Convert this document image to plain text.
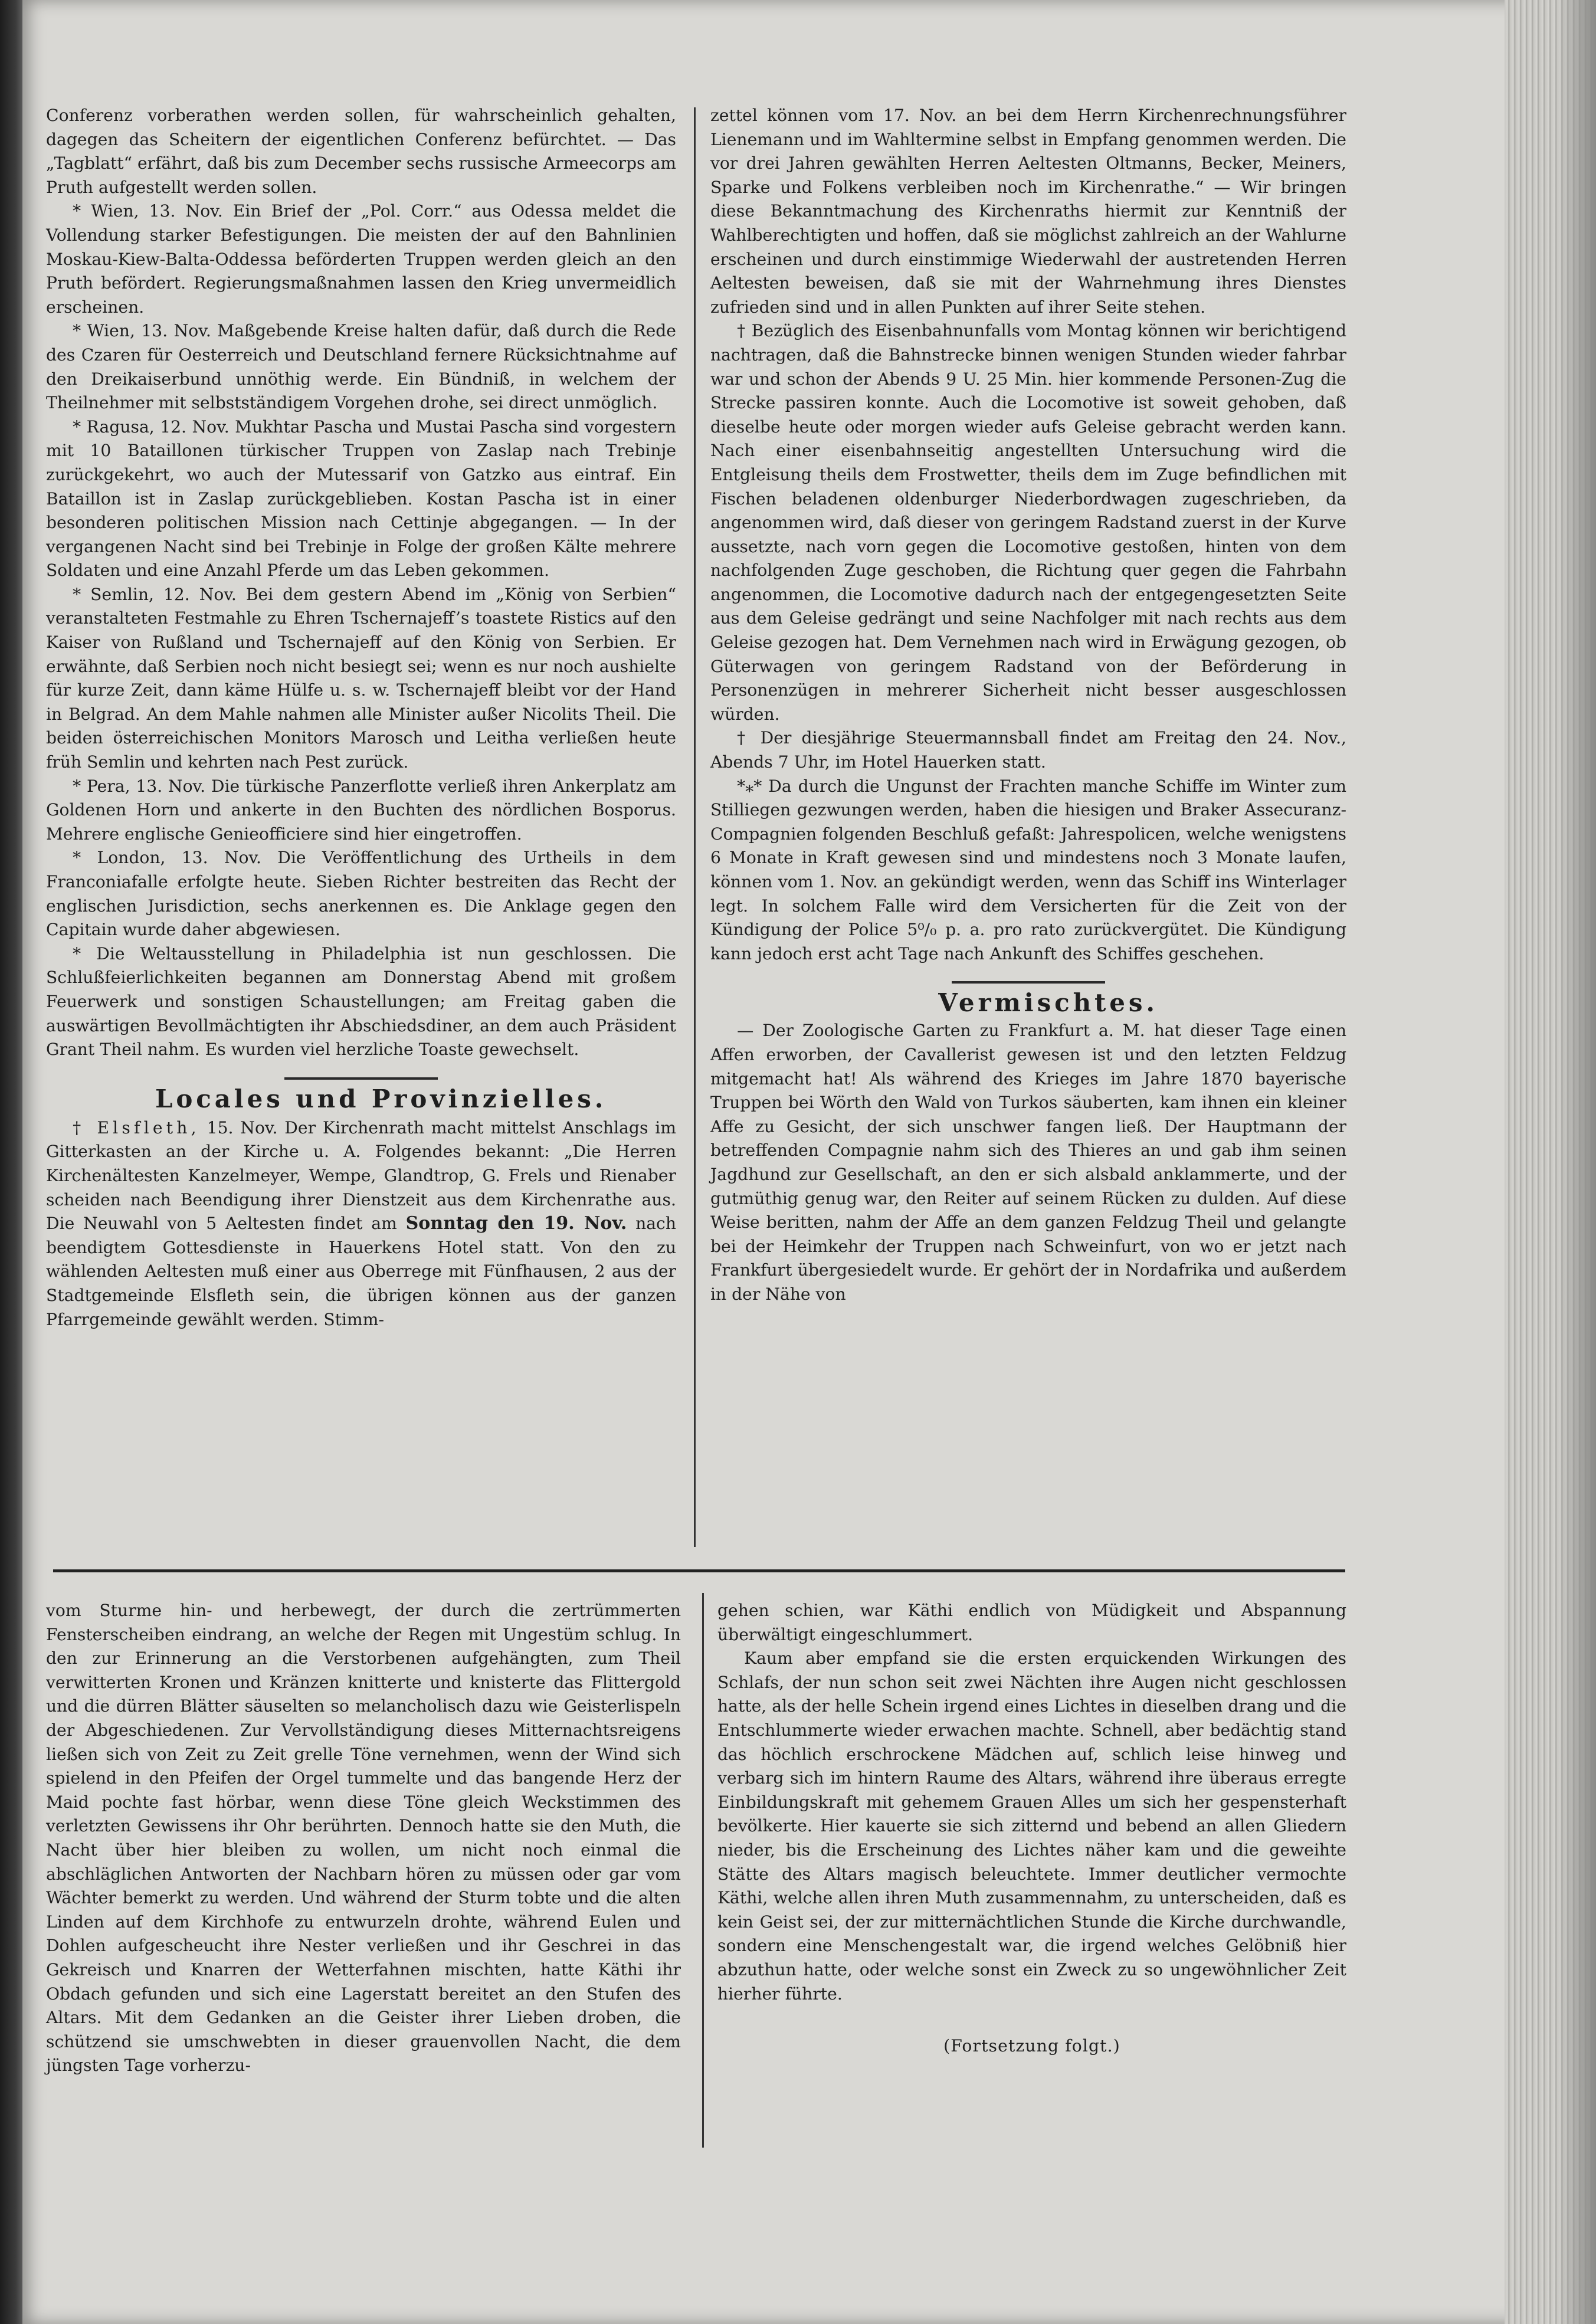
Conferenz vorberathen werden sollen, für wahrscheinlich gehalten, dagegen das Scheitern der eigentlichen Conferenz befürchtet. — Das „Tagblatt“ erfährt, daß bis zum December sechs russische Armeecorps am Pruth aufgestellt werden sollen.

* Wien, 13. Nov. Ein Brief der „Pol. Corr.“ aus Odessa meldet die Vollendung starker Befestigungen. Die meisten der auf den Bahnlinien Moskau-Kiew-Balta-Oddessa beförderten Truppen werden gleich an den Pruth befördert. Regierungsmaßnahmen lassen den Krieg unvermeidlich erscheinen.

* Wien, 13. Nov. Maßgebende Kreise halten dafür, daß durch die Rede des Czaren für Oesterreich und Deutschland fernere Rücksichtnahme auf den Dreikaiserbund unnöthig werde. Ein Bündniß, in welchem der Theilnehmer mit selbstständigem Vorgehen drohe, sei direct unmöglich.

* Ragusa, 12. Nov. Mukhtar Pascha und Mustai Pascha sind vorgestern mit 10 Bataillonen türkischer Truppen von Zaslap nach Trebinje zurückgekehrt, wo auch der Mutessarif von Gatzko aus eintraf. Ein Bataillon ist in Zaslap zurückgeblieben. Kostan Pascha ist in einer besonderen politischen Mission nach Cettinje abgegangen. — In der vergangenen Nacht sind bei Trebinje in Folge der großen Kälte mehrere Soldaten und eine Anzahl Pferde um das Leben gekommen.

* Semlin, 12. Nov. Bei dem gestern Abend im „König von Serbien“ veranstalteten Festmahle zu Ehren Tschernajeff’s toastete Ristics auf den Kaiser von Rußland und Tschernajeff auf den König von Serbien. Er erwähnte, daß Serbien noch nicht besiegt sei; wenn es nur noch aushielte für kurze Zeit, dann käme Hülfe u. s. w. Tschernajeff bleibt vor der Hand in Belgrad. An dem Mahle nahmen alle Minister außer Nicolits Theil. Die beiden österreichischen Monitors Marosch und Leitha verließen heute früh Semlin und kehrten nach Pest zurück.

* Pera, 13. Nov. Die türkische Panzerflotte verließ ihren Ankerplatz am Goldenen Horn und ankerte in den Buchten des nördlichen Bosporus. Mehrere englische Genieofficiere sind hier eingetroffen.

* London, 13. Nov. Die Veröffentlichung des Urtheils in dem Franconiafalle erfolgte heute. Sieben Richter bestreiten das Recht der englischen Jurisdiction, sechs anerkennen es. Die Anklage gegen den Capitain wurde daher abgewiesen.

* Die Weltausstellung in Philadelphia ist nun geschlossen. Die Schlußfeierlichkeiten begannen am Donnerstag Abend mit großem Feuerwerk und sonstigen Schaustellungen; am Freitag gaben die auswärtigen Bevollmächtigten ihr Abschiedsdiner, an dem auch Präsident Grant Theil nahm. Es wurden viel herzliche Toaste gewechselt.

Locales und Provinzielles.

† Elsfleth, 15. Nov. Der Kirchenrath macht mittelst Anschlags im Gitterkasten an der Kirche u. A. Folgendes bekannt: „Die Herren Kirchenältesten Kanzelmeyer, Wempe, Glandtrop, G. Frels und Rienaber scheiden nach Beendigung ihrer Dienstzeit aus dem Kirchenrathe aus. Die Neuwahl von 5 Aeltesten findet am Sonntag den 19. Nov. nach beendigtem Gottesdienste in Hauerkens Hotel statt. Von den zu wählenden Aeltesten muß einer aus Oberrege mit Fünfhausen, 2 aus der Stadtgemeinde Elsfleth sein, die übrigen können aus der ganzen Pfarrgemeinde gewählt werden. Stimm-

zettel können vom 17. Nov. an bei dem Herrn Kirchenrechnungsführer Lienemann und im Wahltermine selbst in Empfang genommen werden. Die vor drei Jahren gewählten Herren Aeltesten Oltmanns, Becker, Meiners, Sparke und Folkens verbleiben noch im Kirchenrathe.“ — Wir bringen diese Bekanntmachung des Kirchenraths hiermit zur Kenntniß der Wahlberechtigten und hoffen, daß sie möglichst zahlreich an der Wahlurne erscheinen und durch einstimmige Wiederwahl der austretenden Herren Aeltesten beweisen, daß sie mit der Wahrnehmung ihres Dienstes zufrieden sind und in allen Punkten auf ihrer Seite stehen.

† Bezüglich des Eisenbahnunfalls vom Montag können wir berichtigend nachtragen, daß die Bahnstrecke binnen wenigen Stunden wieder fahrbar war und schon der Abends 9 U. 25 Min. hier kommende Personen-Zug die Strecke passiren konnte. Auch die Locomotive ist soweit gehoben, daß dieselbe heute oder morgen wieder aufs Geleise gebracht werden kann. Nach einer eisenbahnseitig angestellten Untersuchung wird die Entgleisung theils dem Frostwetter, theils dem im Zuge befindlichen mit Fischen beladenen oldenburger Niederbordwagen zugeschrieben, da angenommen wird, daß dieser von geringem Radstand zuerst in der Kurve aussetzte, nach vorn gegen die Locomotive gestoßen, hinten von dem nachfolgenden Zuge geschoben, die Richtung quer gegen die Fahrbahn angenommen, die Locomotive dadurch nach der entgegengesetzten Seite aus dem Geleise gedrängt und seine Nachfolger mit nach rechts aus dem Geleise gezogen hat. Dem Vernehmen nach wird in Erwägung gezogen, ob Güterwagen von geringem Radstand von der Beförderung in Personenzügen in mehrerer Sicherheit nicht besser ausgeschlossen würden.

† Der diesjährige Steuermannsball findet am Freitag den 24. Nov., Abends 7 Uhr, im Hotel Hauerken statt.

*⁎* Da durch die Ungunst der Frachten manche Schiffe im Winter zum Stilliegen gezwungen werden, haben die hiesigen und Braker Assecuranz-Compagnien folgenden Beschluß gefaßt: Jahrespolicen, welche wenigstens 6 Monate in Kraft gewesen sind und mindestens noch 3 Monate laufen, können vom 1. Nov. an gekündigt werden, wenn das Schiff ins Winterlager legt. In solchem Falle wird dem Versicherten für die Zeit von der Kündigung der Police 5⁰/₀ p. a. pro rato zurückvergütet. Die Kündigung kann jedoch erst acht Tage nach Ankunft des Schiffes geschehen.

Vermischtes.

— Der Zoologische Garten zu Frankfurt a. M. hat dieser Tage einen Affen erworben, der Cavallerist gewesen ist und den letzten Feldzug mitgemacht hat! Als während des Krieges im Jahre 1870 bayerische Truppen bei Wörth den Wald von Turkos säuberten, kam ihnen ein kleiner Affe zu Gesicht, der sich unschwer fangen ließ. Der Hauptmann der betreffenden Compagnie nahm sich des Thieres an und gab ihm seinen Jagdhund zur Gesellschaft, an den er sich alsbald anklammerte, und der gutmüthig genug war, den Reiter auf seinem Rücken zu dulden. Auf diese Weise beritten, nahm der Affe an dem ganzen Feldzug Theil und gelangte bei der Heimkehr der Truppen nach Schweinfurt, von wo er jetzt nach Frankfurt übergesiedelt wurde. Er gehört der in Nordafrika und außerdem in der Nähe von

vom Sturme hin- und herbewegt, der durch die zertrümmerten Fensterscheiben eindrang, an welche der Regen mit Ungestüm schlug. In den zur Erinnerung an die Verstorbenen aufgehängten, zum Theil verwitterten Kronen und Kränzen knitterte und knisterte das Flittergold und die dürren Blätter säuselten so melancholisch dazu wie Geisterlispeln der Abgeschiedenen. Zur Vervollständigung dieses Mitternachtsreigens ließen sich von Zeit zu Zeit grelle Töne vernehmen, wenn der Wind sich spielend in den Pfeifen der Orgel tummelte und das bangende Herz der Maid pochte fast hörbar, wenn diese Töne gleich Weckstimmen des verletzten Gewissens ihr Ohr berührten. Dennoch hatte sie den Muth, die Nacht über hier bleiben zu wollen, um nicht noch einmal die abschläglichen Antworten der Nachbarn hören zu müssen oder gar vom Wächter bemerkt zu werden. Und während der Sturm tobte und die alten Linden auf dem Kirchhofe zu entwurzeln drohte, während Eulen und Dohlen aufgescheucht ihre Nester verließen und ihr Geschrei in das Gekreisch und Knarren der Wetterfahnen mischten, hatte Käthi ihr Obdach gefunden und sich eine Lagerstatt bereitet an den Stufen des Altars. Mit dem Gedanken an die Geister ihrer Lieben droben, die schützend sie umschwebten in dieser grauenvollen Nacht, die dem jüngsten Tage vorherzu-

gehen schien, war Käthi endlich von Müdigkeit und Abspannung überwältigt eingeschlummert.

Kaum aber empfand sie die ersten erquickenden Wirkungen des Schlafs, der nun schon seit zwei Nächten ihre Augen nicht geschlossen hatte, als der helle Schein irgend eines Lichtes in dieselben drang und die Entschlummerte wieder erwachen machte. Schnell, aber bedächtig stand das höchlich erschrockene Mädchen auf, schlich leise hinweg und verbarg sich im hintern Raume des Altars, während ihre überaus erregte Einbildungskraft mit gehemem Grauen Alles um sich her gespensterhaft bevölkerte. Hier kauerte sie sich zitternd und bebend an allen Gliedern nieder, bis die Erscheinung des Lichtes näher kam und die geweihte Stätte des Altars magisch beleuchtete. Immer deutlicher vermochte Käthi, welche allen ihren Muth zusammennahm, zu unterscheiden, daß es kein Geist sei, der zur mitternächtlichen Stunde die Kirche durchwandle, sondern eine Menschengestalt war, die irgend welches Gelöbniß hier abzuthun hatte, oder welche sonst ein Zweck zu so ungewöhnlicher Zeit hierher führte.

(Fortsetzung folgt.)
